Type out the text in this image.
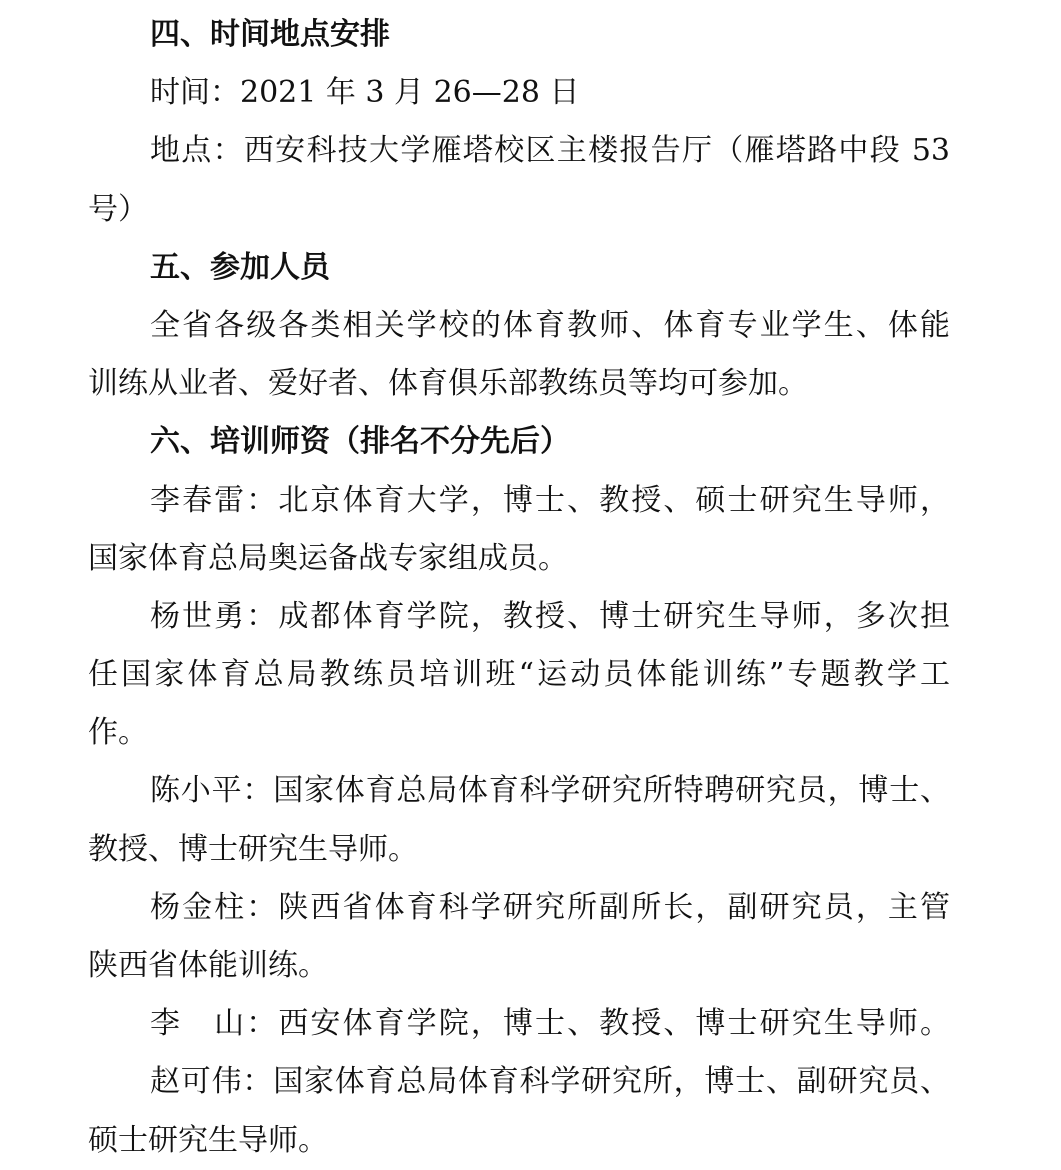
四、时间地点安排
时间：2021 年 3 月 26—28 日
地点：西安科技大学雁塔校区主楼报告厅（雁塔路中段 53
号）
五、参加人员
全省各级各类相关学校的体育教师、体育专业学生、体能
训练从业者、爱好者、体育俱乐部教练员等均可参加。
六、培训师资（排名不分先后）
李春雷：北京体育大学，博士、教授、硕士研究生导师，
国家体育总局奥运备战专家组成员。
杨世勇：成都体育学院，教授、博士研究生导师，多次担
任国家体育总局教练员培训班“运动员体能训练”专题教学工
作。
陈小平：国家体育总局体育科学研究所特聘研究员，博士、
教授、博士研究生导师。
杨金柱：陕西省体育科学研究所副所长，副研究员，主管
陕西省体能训练。
李　山：西安体育学院，博士、教授、博士研究生导师。
赵可伟：国家体育总局体育科学研究所，博士、副研究员、
硕士研究生导师。
